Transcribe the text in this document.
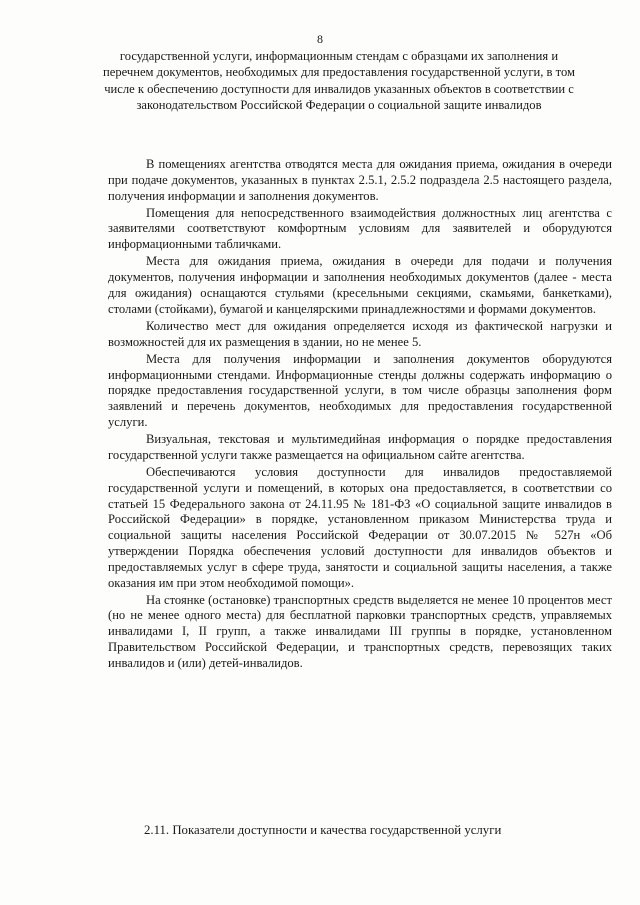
8
государственной услуги, информационным стендам с образцами их заполнения и перечнем документов, необходимых для предоставления государственной услуги, в том числе к обеспечению доступности для инвалидов указанных объектов в соответствии с законодательством Российской Федерации о социальной защите инвалидов

В помещениях агентства отводятся места для ожидания приема, ожидания в очереди при подаче документов, указанных в пунктах 2.5.1, 2.5.2 подраздела 2.5 настоящего раздела, получения информации и заполнения документов.

Помещения для непосредственного взаимодействия должностных лиц агентства с заявителями соответствуют комфортным условиям для заявителей и оборудуются информационными табличками.

Места для ожидания приема, ожидания в очереди для подачи и получения документов, получения информации и заполнения необходимых документов (далее - места для ожидания) оснащаются стульями (кресельными секциями, скамьями, банкетками), столами (стойками), бумагой и канцелярскими принадлежностями и формами документов.

Количество мест для ожидания определяется исходя из фактической нагрузки и возможностей для их размещения в здании, но не менее 5.

Места для получения информации и заполнения документов оборудуются информационными стендами. Информационные стенды должны содержать информацию о порядке предоставления государственной услуги, в том числе образцы заполнения форм заявлений и перечень документов, необходимых для предоставления государственной услуги.

Визуальная, текстовая и мультимедийная информация о порядке предоставления государственной услуги также размещается на официальном сайте агентства.

Обеспечиваются условия доступности для инвалидов предоставляемой государственной услуги и помещений, в которых она предоставляется, в соответствии со статьей 15 Федерального закона от 24.11.95 № 181-ФЗ «О социальной защите инвалидов в Российской Федерации» в порядке, установленном приказом Министерства труда и социальной защиты населения Российской Федерации от 30.07.2015 № 527н «Об утверждении Порядка обеспечения условий доступности для инвалидов объектов и предоставляемых услуг в сфере труда, занятости и социальной защиты населения, а также оказания им при этом необходимой помощи».

На стоянке (остановке) транспортных средств выделяется не менее 10 процентов мест (но не менее одного места) для бесплатной парковки транспортных средств, управляемых инвалидами I, II групп, а также инвалидами III группы в порядке, установленном Правительством Российской Федерации, и транспортных средств, перевозящих таких инвалидов и (или) детей-инвалидов.

2.11. Показатели доступности и качества государственной услуги
